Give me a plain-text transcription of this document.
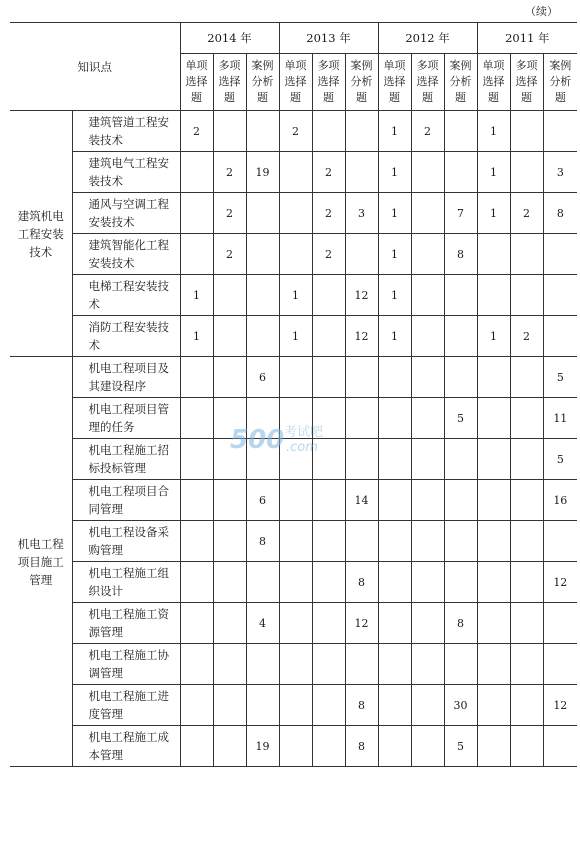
（续）
知识点		2014 年			2013 年			2012 年			2011 年		
		单项
选择
题	多项
选择
题	案例
分析
题	单项
选择
题	多项
选择
题	案例
分析
题	单项
选择
题	多项
选择
题	案例
分析
题	单项
选择
题	多项
选择
题	案例
分析
题
建筑机电工程安装技术	建筑管道工程安装技术	2			2			1	2		1		
	建筑电气工程安装技术		2	19		2		1			1		3
	通风与空调工程安装技术		2			2	3	1		7	1	2	8
	建筑智能化工程安装技术		2			2		1		8			
	电梯工程安装技术	1			1		12	1					
	消防工程安装技术	1			1		12	1			1	2	
机电工程项目施工管理	机电工程项目及其建设程序			6									5
	机电工程项目管理的任务									5			11
	机电工程施工招标投标管理												5
	机电工程项目合同管理			6			14						16
	机电工程设备采购管理			8									
	机电工程施工组织设计						8						12
	机电工程施工资源管理			4			12			8			
	机电工程施工协调管理												
	机电工程施工进度管理						8			30			12
	机电工程施工成本管理			19			8			5			
500 考试吧
.com
